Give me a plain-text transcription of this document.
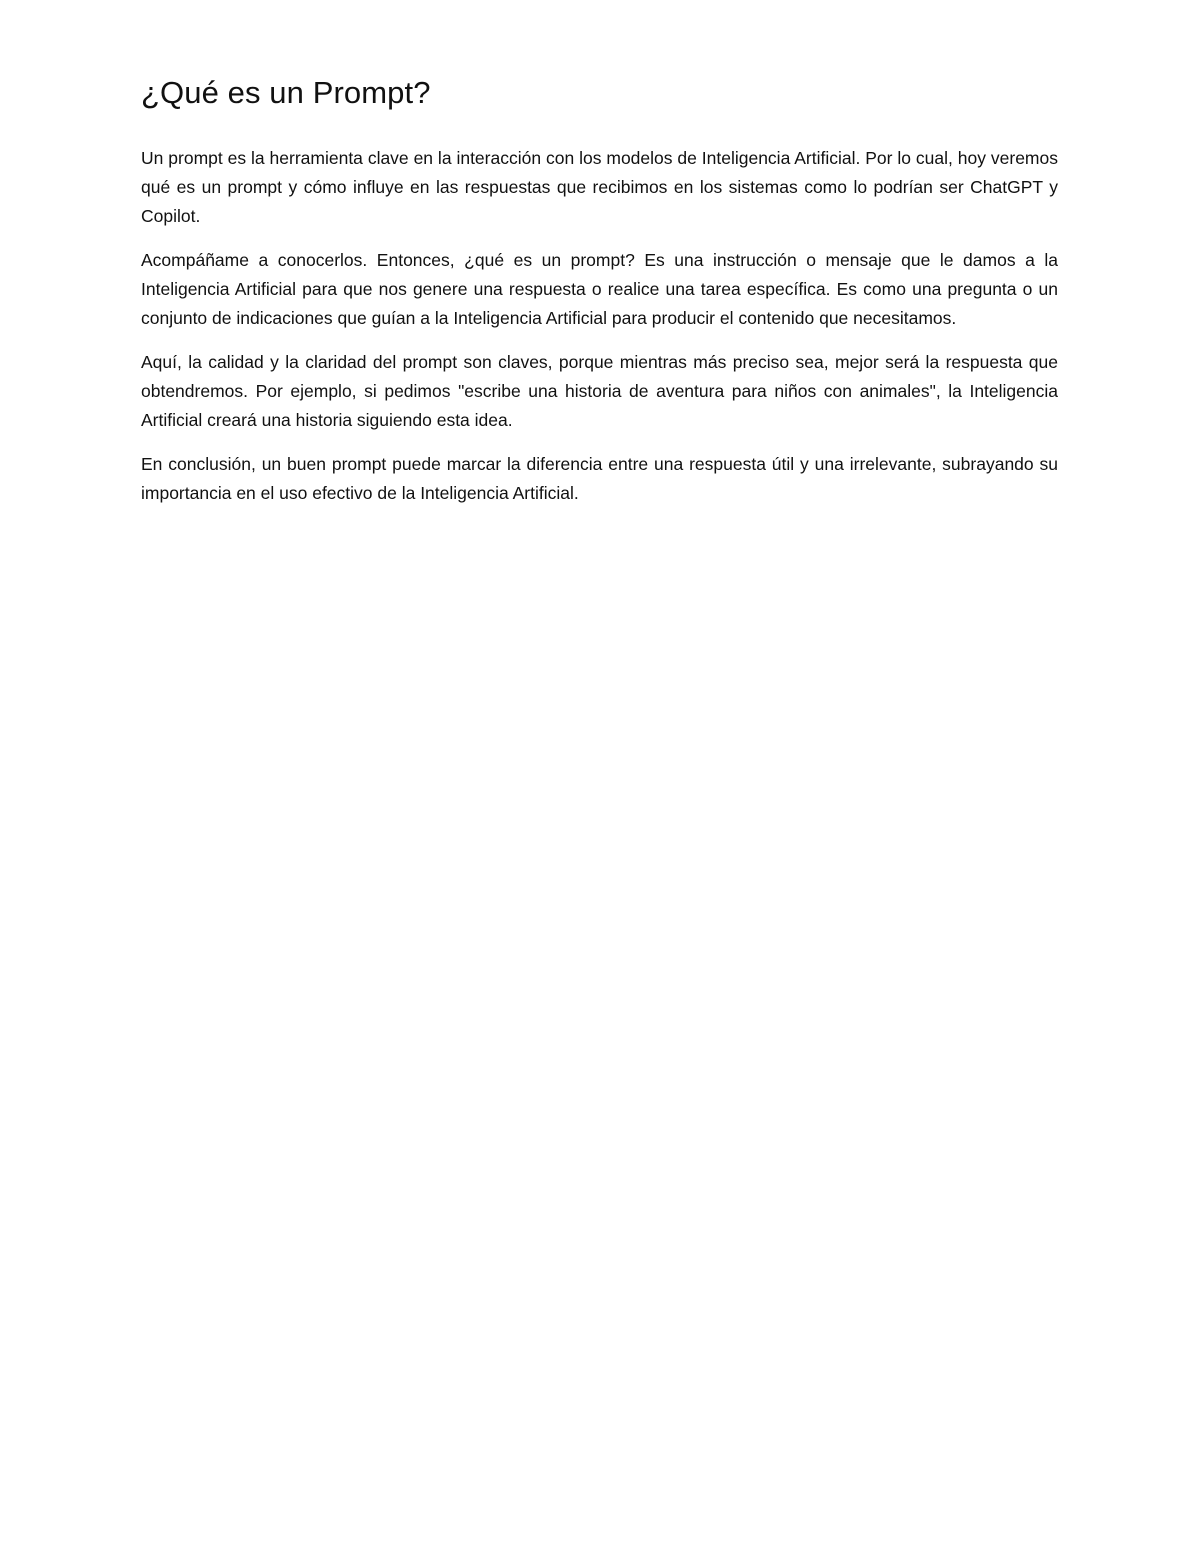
¿Qué es un Prompt?

Un prompt es la herramienta clave en la interacción con los modelos de Inteligencia Artificial. Por lo cual, hoy veremos qué es un prompt y cómo influye en las respuestas que recibimos en los sistemas como lo podrían ser ChatGPT y Copilot.

Acompáñame a conocerlos. Entonces, ¿qué es un prompt? Es una instrucción o mensaje que le damos a la Inteligencia Artificial para que nos genere una respuesta o realice una tarea específica. Es como una pregunta o un conjunto de indicaciones que guían a la Inteligencia Artificial para producir el contenido que necesitamos.

Aquí, la calidad y la claridad del prompt son claves, porque mientras más preciso sea, mejor será la respuesta que obtendremos. Por ejemplo, si pedimos "escribe una historia de aventura para niños con animales", la Inteligencia Artificial creará una historia siguiendo esta idea.

En conclusión, un buen prompt puede marcar la diferencia entre una respuesta útil y una irrelevante, subrayando su importancia en el uso efectivo de la Inteligencia Artificial.
